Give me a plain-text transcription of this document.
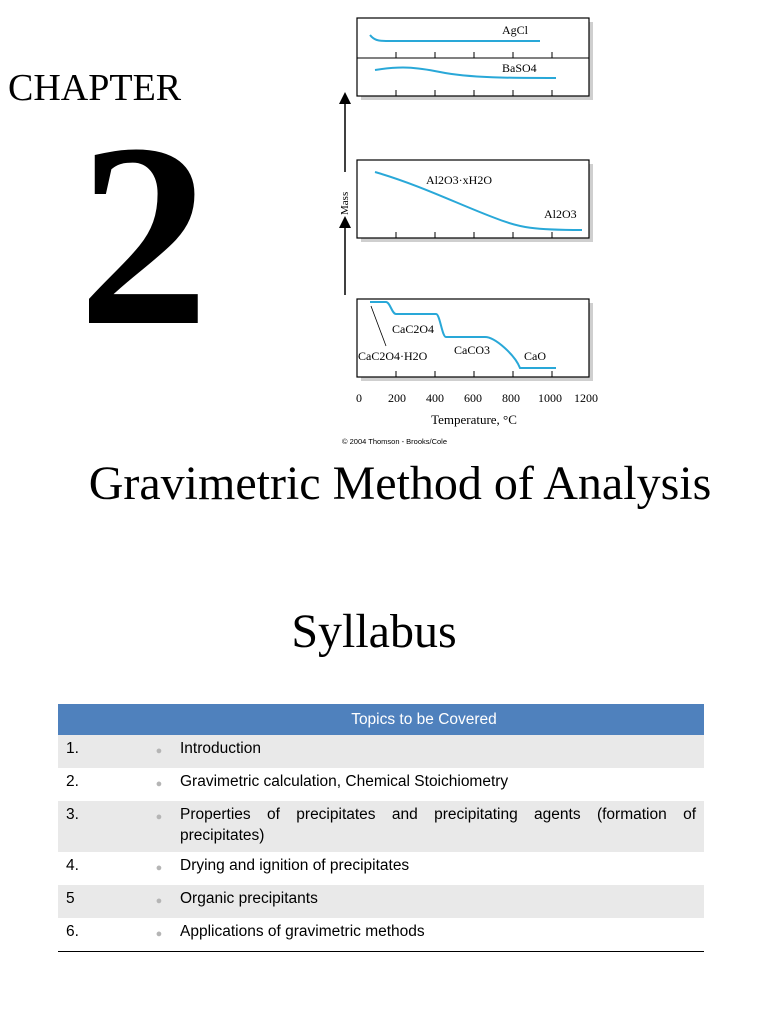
CHAPTER
2
AgCl
BaSO4
Al2O3·xH2O
Al2O3
CaC2O4
CaCO3	CaO
CaC2O4·H2O
Mass
0 200 400 600 800 1000 1200
Temperature, °C
© 2004 Thomson - Brooks/Cole
Gravimetric Method of Analysis
Syllabus
Topics to be Covered		

1.	●	Introduction
2.	●	Gravimetric calculation, Chemical Stoichiometry
3.	●	Properties of precipitates and precipitating agents (formation of precipitates)
4.	●	Drying and ignition of precipitates
5	●	Organic precipitants
6.	●	Applications of gravimetric methods
